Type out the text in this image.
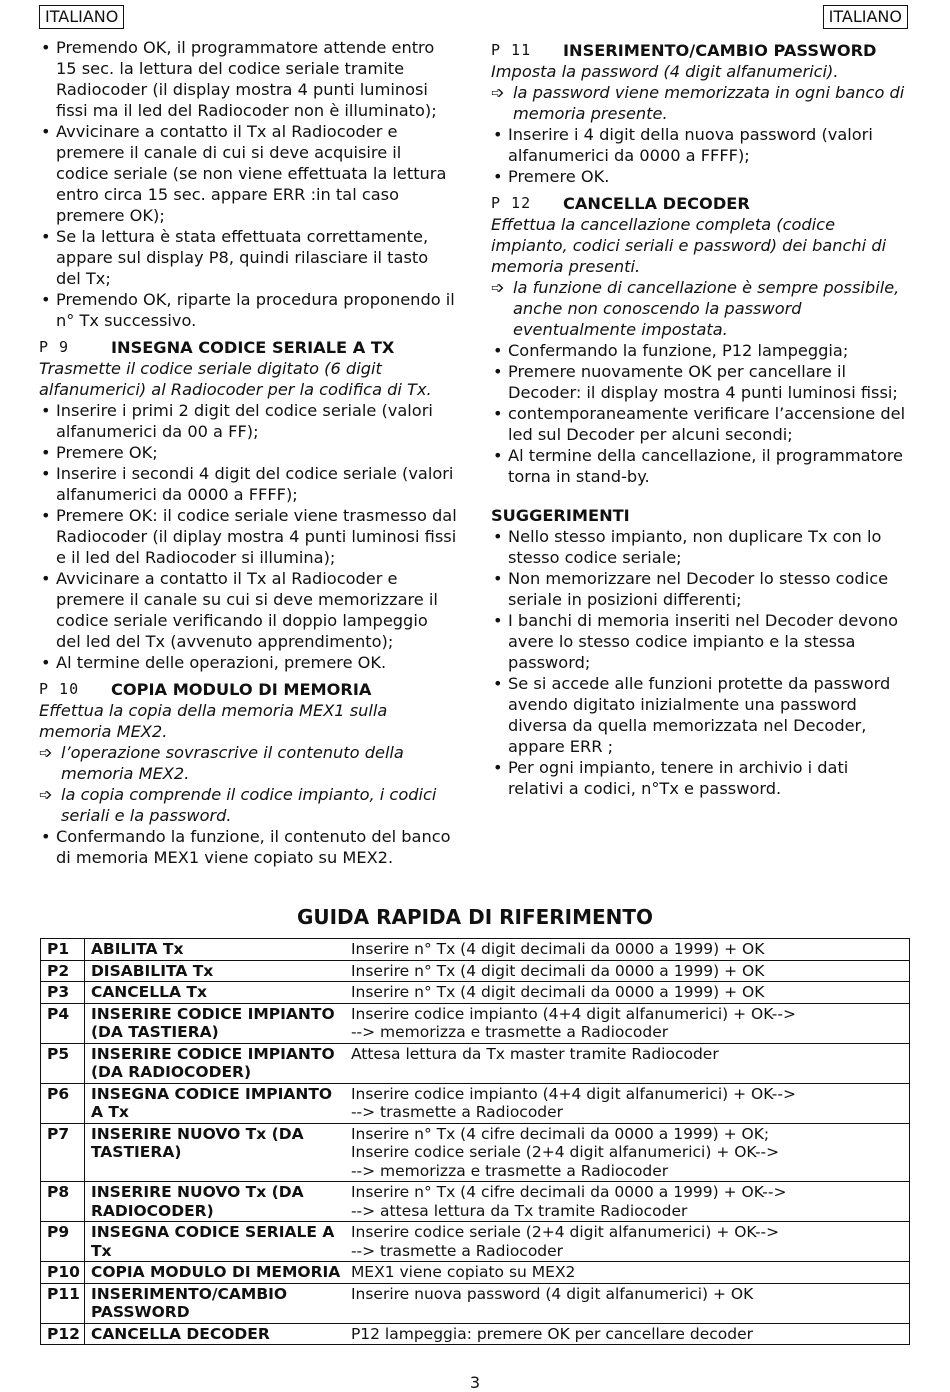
ITALIANO	ITALIANO
• Premendo OK, il programmatore attende entro 15 sec. la lettura del codice seriale tramite Radiocoder (il display mostra 4 punti luminosi fissi ma il led del Radiocoder non è illuminato);
• Avvicinare a contatto il Tx al Radiocoder e premere il canale di cui si deve acquisire il codice seriale (se non viene effettuata la lettura entro circa 15 sec. appare ERR :in tal caso premere OK);
• Se la lettura è stata effettuata correttamente, appare sul display P8, quindi rilasciare il tasto del Tx;
• Premendo OK, riparte la procedura proponendo il n° Tx successivo.
P 9	INSEGNA CODICE SERIALE A TX
Trasmette il codice seriale digitato (6 digit alfanumerici) al Radiocoder per la codifica di Tx.
• Inserire i primi 2 digit del codice seriale (valori alfanumerici da 00 a FF);
• Premere OK;
• Inserire i secondi 4 digit del codice seriale (valori alfanumerici da 0000 a FFFF);
• Premere OK: il codice seriale viene trasmesso dal Radiocoder (il diplay mostra 4 punti luminosi fissi e il led del Radiocoder si illumina);
• Avvicinare a contatto il Tx al Radiocoder e premere il canale su cui si deve memorizzare il codice seriale verificando il doppio lampeggio del led del Tx (avvenuto apprendimento);
• Al termine delle operazioni, premere OK.
P 10	COPIA MODULO DI MEMORIA
Effettua la copia della memoria MEX1 sulla memoria MEX2.
➩ l’operazione sovrascrive il contenuto della memoria MEX2.
➩ la copia comprende il codice impianto, i codici seriali e la password.
• Confermando la funzione, il contenuto del banco di memoria MEX1 viene copiato su MEX2.
P 11	INSERIMENTO/CAMBIO PASSWORD
Imposta la password (4 digit alfanumerici).
➩ la password viene memorizzata in ogni banco di memoria presente.
• Inserire i 4 digit della nuova password (valori alfanumerici da 0000 a FFFF);
• Premere OK.
P 12	CANCELLA DECODER
Effettua la cancellazione completa (codice impianto, codici seriali e password) dei banchi di memoria presenti.
➩ la funzione di cancellazione è sempre possibile, anche non conoscendo la password eventualmente impostata.
• Confermando la funzione, P12 lampeggia;
• Premere nuovamente OK per cancellare il Decoder: il display mostra 4 punti luminosi fissi;
• contemporaneamente verificare l’accensione del led sul Decoder per alcuni secondi;
• Al termine della cancellazione, il programmatore torna in stand-by.
SUGGERIMENTI
• Nello stesso impianto, non duplicare Tx con lo stesso codice seriale;
• Non memorizzare nel Decoder lo stesso codice seriale in posizioni differenti;
• I banchi di memoria inseriti nel Decoder devono avere lo stesso codice impianto e la stessa password;
• Se si accede alle funzioni protette da password avendo digitato inizialmente una password diversa da quella memorizzata nel Decoder, appare ERR ;
• Per ogni impianto, tenere in archivio i dati relativi a codici, n°Tx e password.
GUIDA RAPIDA DI RIFERIMENTO
P1	ABILITA Tx	Inserire n° Tx (4 digit decimali da 0000 a 1999) + OK
P2	DISABILITA Tx	Inserire n° Tx (4 digit decimali da 0000 a 1999) + OK
P3	CANCELLA Tx	Inserire n° Tx (4 digit decimali da 0000 a 1999) + OK
P4	INSERIRE CODICE IMPIANTO (DA TASTIERA)	Inserire codice impianto (4+4 digit alfanumerici) + OK-->
--> memorizza e trasmette a Radiocoder
P5	INSERIRE CODICE IMPIANTO (DA RADIOCODER)	Attesa lettura da Tx master tramite Radiocoder
P6	INSEGNA CODICE IMPIANTO A Tx	Inserire codice impianto (4+4 digit alfanumerici) + OK-->
--> trasmette a Radiocoder
P7	INSERIRE NUOVO Tx (DA TASTIERA)	Inserire n° Tx (4 cifre decimali da 0000 a 1999) + OK;
Inserire codice seriale (2+4 digit alfanumerici) + OK-->
--> memorizza e trasmette a Radiocoder
P8	INSERIRE NUOVO Tx (DA RADIOCODER)	Inserire n° Tx (4 cifre decimali da 0000 a 1999) + OK-->
--> attesa lettura da Tx tramite Radiocoder
P9	INSEGNA CODICE SERIALE A Tx	Inserire codice seriale (2+4 digit alfanumerici) + OK-->
--> trasmette a Radiocoder
P10	COPIA MODULO DI MEMORIA	MEX1 viene copiato su MEX2
P11	INSERIMENTO/CAMBIO PASSWORD	Inserire nuova password (4 digit alfanumerici) + OK
P12	CANCELLA DECODER	P12 lampeggia: premere OK per cancellare decoder
3
